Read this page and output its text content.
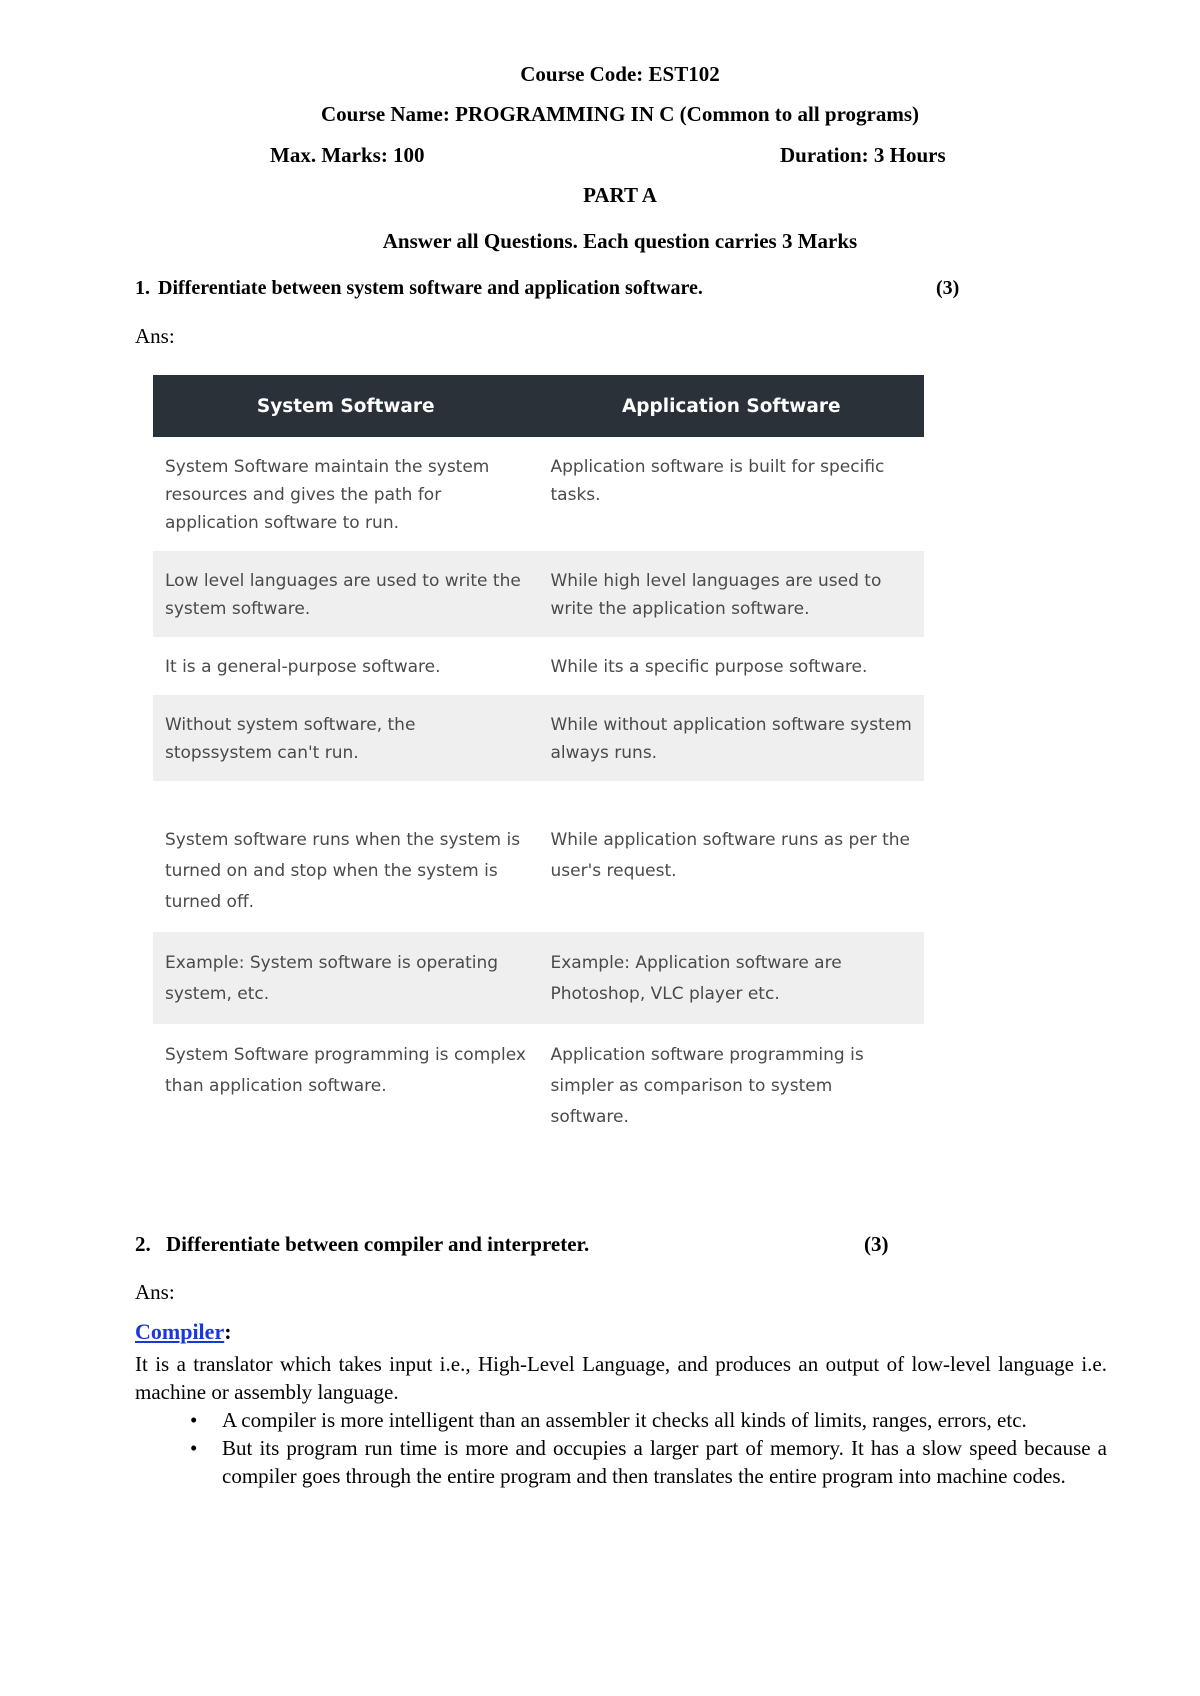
Course Code: EST102
Course Name: PROGRAMMING IN C (Common to all programs)
Max. Marks: 100	Duration: 3 Hours
PART A
Answer all Questions. Each question carries 3 Marks
1. Differentiate between system software and application software.	(3)
Ans:
System Software	Application Software
System Software maintain the system resources and gives the path for application software to run.	Application software is built for specific tasks.
Low level languages are used to write the system software.	While high level languages are used to write the application software.
It is a general-purpose software.	While its a specific purpose software.
Without system software, the stopssystem can't run.	While without application software system always runs.
System software runs when the system is turned on and stop when the system is turned off.	While application software runs as per the user's request.
Example: System software is operating system, etc.	Example: Application software are Photoshop, VLC player etc.
System Software programming is complex than application software.	Application software programming is simpler as comparison to system software.
2. Differentiate between compiler and interpreter.	(3)
Ans:
Compiler:
It is a translator which takes input i.e., High-Level Language, and produces an output of low-level language i.e. machine or assembly language.
• A compiler is more intelligent than an assembler it checks all kinds of limits, ranges, errors, etc.
• But its program run time is more and occupies a larger part of memory. It has a slow speed because a compiler goes through the entire program and then translates the entire program into machine codes.
